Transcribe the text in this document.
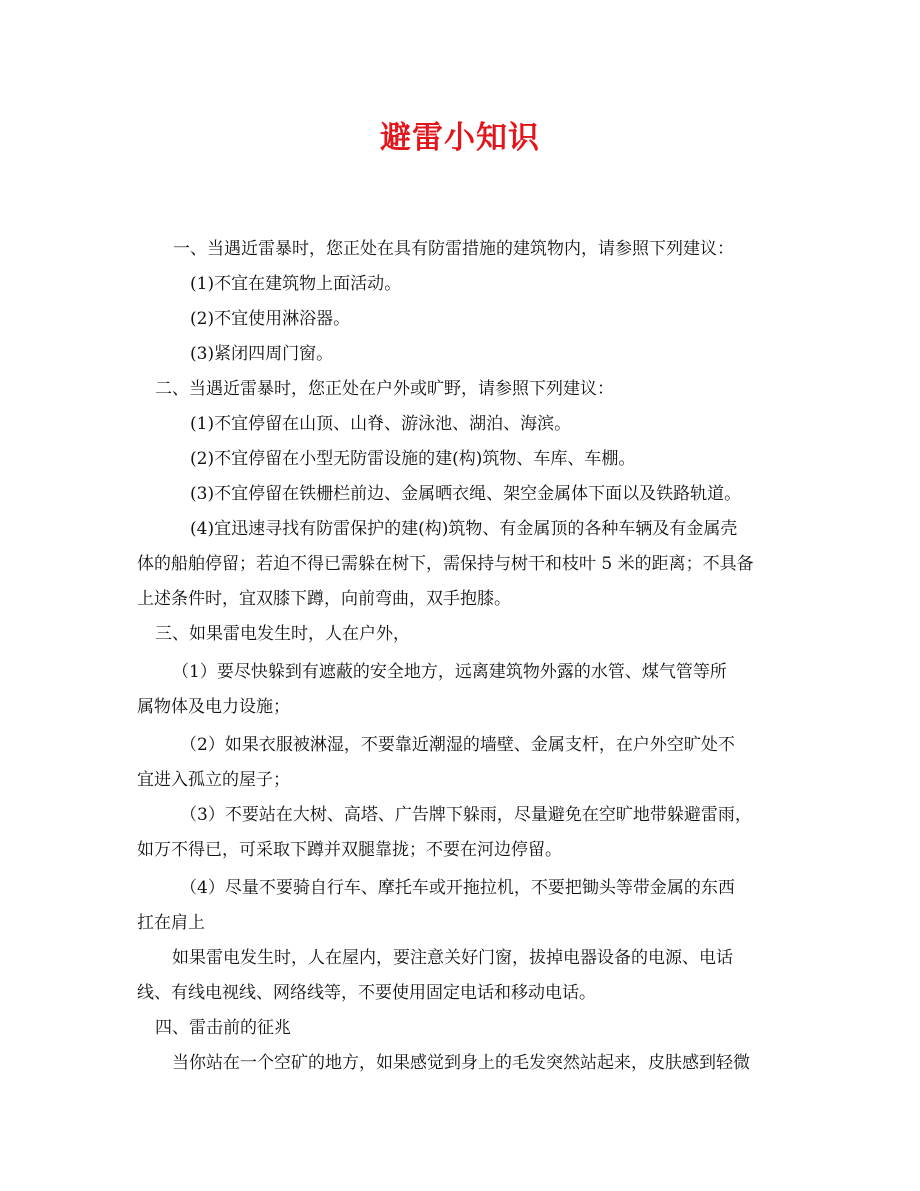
避雷小知识
一、当遇近雷暴时，您正处在具有防雷措施的建筑物内，请参照下列建议：
(1)不宜在建筑物上面活动。
(2)不宜使用淋浴器。
(3)紧闭四周门窗。
二、当遇近雷暴时，您正处在户外或旷野，请参照下列建议：
(1)不宜停留在山顶、山脊、游泳池、湖泊、海滨。
(2)不宜停留在小型无防雷设施的建(构)筑物、车库、车棚。
(3)不宜停留在铁栅栏前边、金属晒衣绳、架空金属体下面以及铁路轨道。
(4)宜迅速寻找有防雷保护的建(构)筑物、有金属顶的各种车辆及有金属壳
体的船舶停留；若迫不得已需躲在树下，需保持与树干和枝叶 5 米的距离；不具备
上述条件时，宜双膝下蹲，向前弯曲，双手抱膝。
三、如果雷电发生时，人在户外，
（1）要尽快躲到有遮蔽的安全地方，远离建筑物外露的水管、煤气管等所
属物体及电力设施；
（2）如果衣服被淋湿，不要靠近潮湿的墙壁、金属支杆，在户外空旷处不
宜进入孤立的屋子；
（3）不要站在大树、高塔、广告牌下躲雨，尽量避免在空旷地带躲避雷雨，
如万不得已，可采取下蹲并双腿靠拢；不要在河边停留。
（4）尽量不要骑自行车、摩托车或开拖拉机，不要把锄头等带金属的东西
扛在肩上
如果雷电发生时，人在屋内，要注意关好门窗，拔掉电器设备的电源、电话
线、有线电视线、网络线等，不要使用固定电话和移动电话。
四、雷击前的征兆
当你站在一个空矿的地方，如果感觉到身上的毛发突然站起来，皮肤感到轻微
